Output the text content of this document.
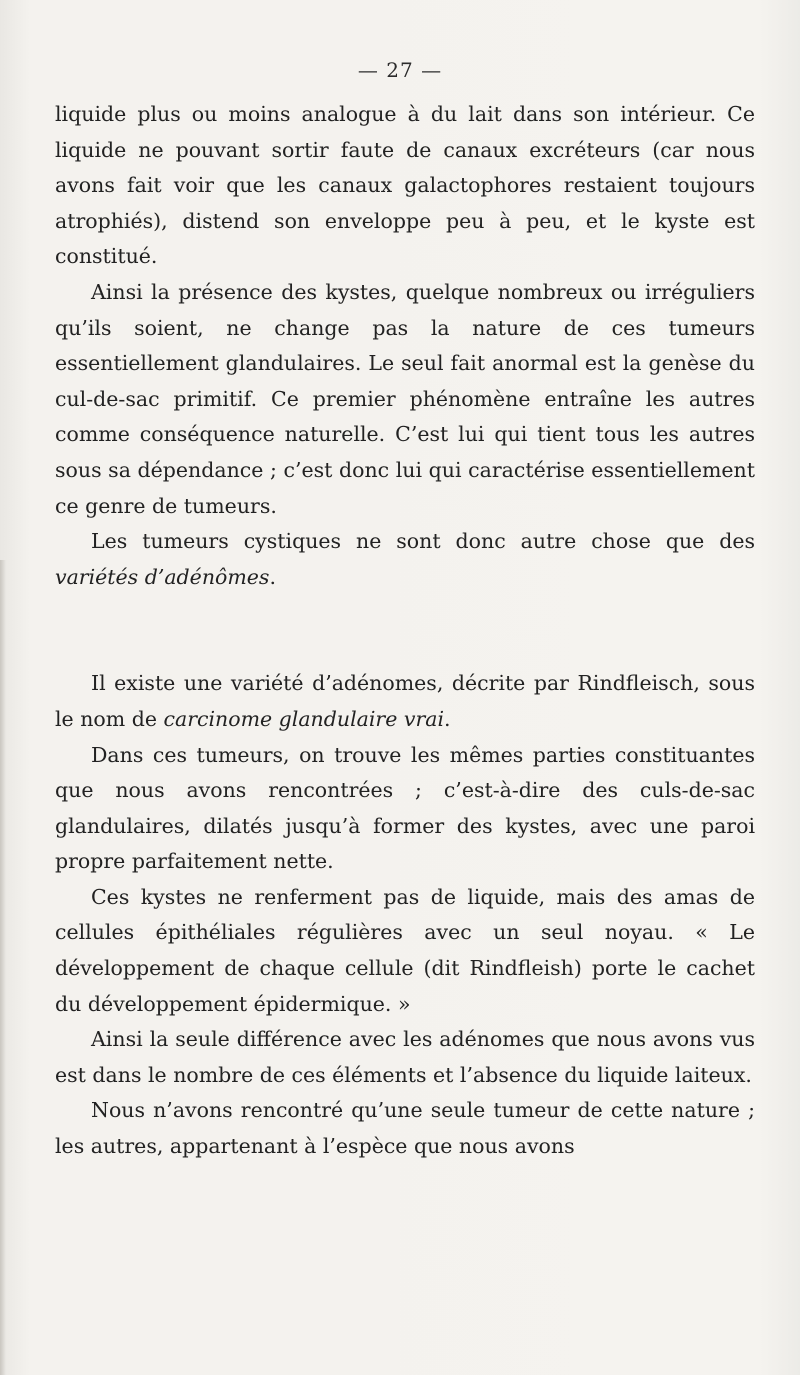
— 27 —

liquide plus ou moins analogue à du lait dans son intérieur. Ce liquide ne pouvant sortir faute de canaux excréteurs (car nous avons fait voir que les canaux galactophores restaient toujours atrophiés), distend son enveloppe peu à peu, et le kyste est constitué.

Ainsi la présence des kystes, quelque nombreux ou irréguliers qu’ils soient, ne change pas la nature de ces tumeurs essentiellement glandulaires. Le seul fait anormal est la genèse du cul-de-sac primitif. Ce premier phénomène entraîne les autres comme conséquence naturelle. C’est lui qui tient tous les autres sous sa dépendance ; c’est donc lui qui caractérise essentiellement ce genre de tumeurs.

Les tumeurs cystiques ne sont donc autre chose que des variétés d’adénômes.

Il existe une variété d’adénomes, décrite par Rindfleisch, sous le nom de carcinome glandulaire vrai.

Dans ces tumeurs, on trouve les mêmes parties constituantes que nous avons rencontrées ; c’est-à-dire des culs-de-sac glandulaires, dilatés jusqu’à former des kystes, avec une paroi propre parfaitement nette.

Ces kystes ne renferment pas de liquide, mais des amas de cellules épithéliales régulières avec un seul noyau. « Le développement de chaque cellule (dit Rindfleish) porte le cachet du développement épidermique. »

Ainsi la seule différence avec les adénomes que nous avons vus est dans le nombre de ces éléments et l’absence du liquide laiteux.

Nous n’avons rencontré qu’une seule tumeur de cette nature ; les autres, appartenant à l’espèce que nous avons
